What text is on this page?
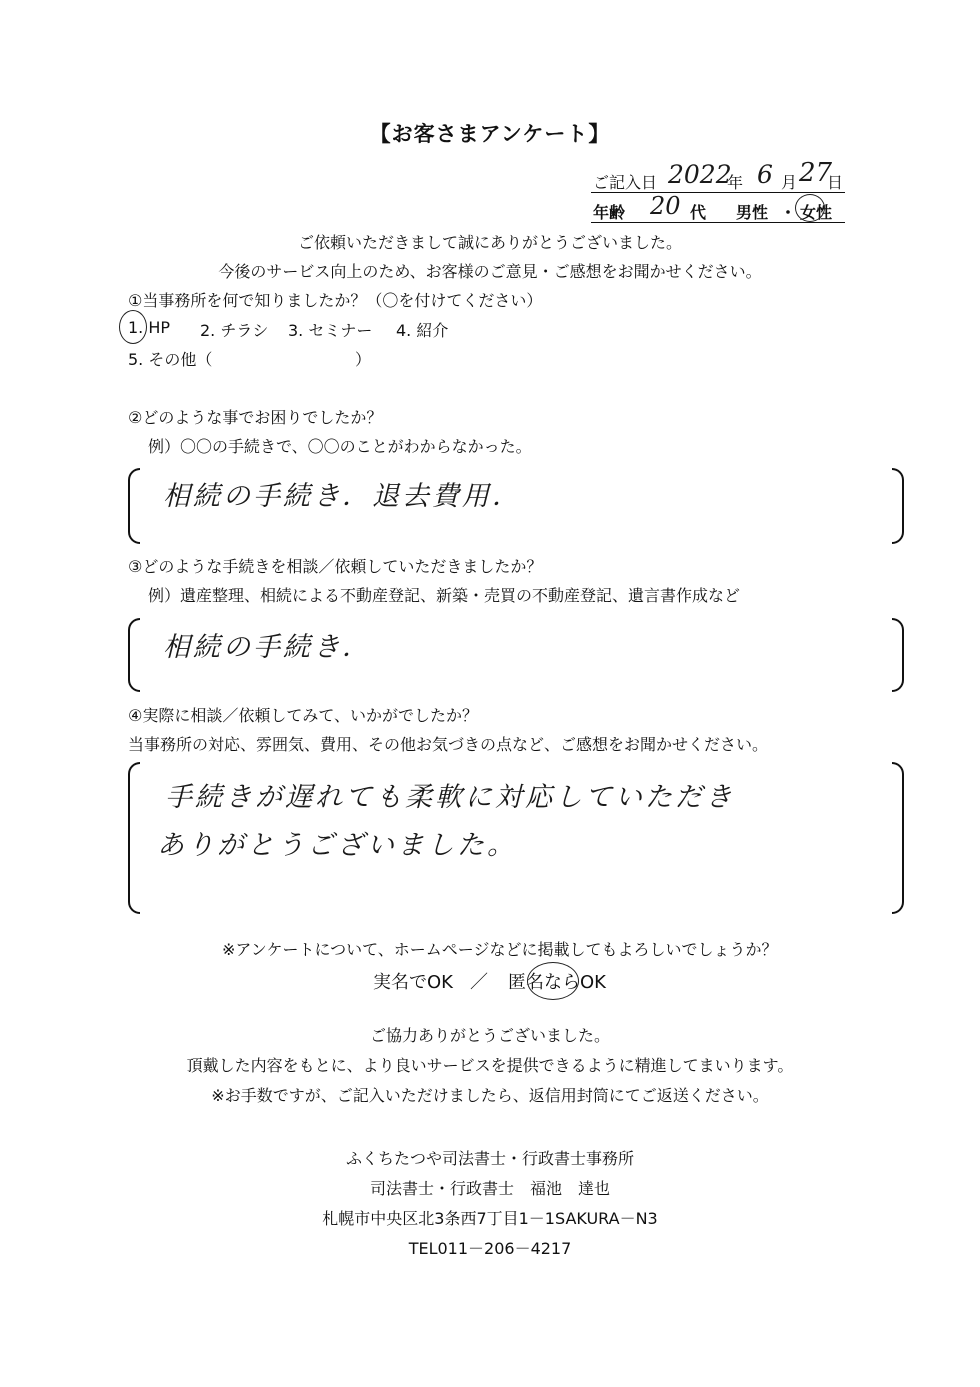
【お客さまアンケート】
ご記入日 2022
年 6 月 27
日
年齢 20 代 男性 ・ 女性
ご依頼いただきまして誠にありがとうございました。
今後のサービス向上のため、お客様のご意見・ご感想をお聞かせください。
①当事務所を何で知りましたか？（〇を付けてください）
1. HP 2. チラシ 3. セミナー 4. 紹介
5. その他（	）
②どのような事でお困りでしたか？
例）〇〇の手続きで、〇〇のことがわからなかった。
相続の手続き．退去費用．
③どのような手続きを相談／依頼していただきましたか？
例）遺産整理、相続による不動産登記、新築・売買の不動産登記、遺言書作成など
相続の手続き．
④実際に相談／依頼してみて、いかがでしたか？
当事務所の対応、雰囲気、費用、その他お気づきの点など、ご感想をお聞かせください。
手続きが遅れても柔軟に対応していただき
ありがとうございました。
※アンケートについて、ホームページなどに掲載してもよろしいでしょうか？
実名でOK ／ 匿名ならOK
ご協力ありがとうございました。
頂戴した内容をもとに、より良いサービスを提供できるように精進してまいります。
※お手数ですが、ご記入いただけましたら、返信用封筒にてご返送ください。
ふくちたつや司法書士・行政書士事務所
司法書士・行政書士　福池　達也
札幌市中央区北3条西7丁目1－1SAKURA－N3
TEL011－206－4217
